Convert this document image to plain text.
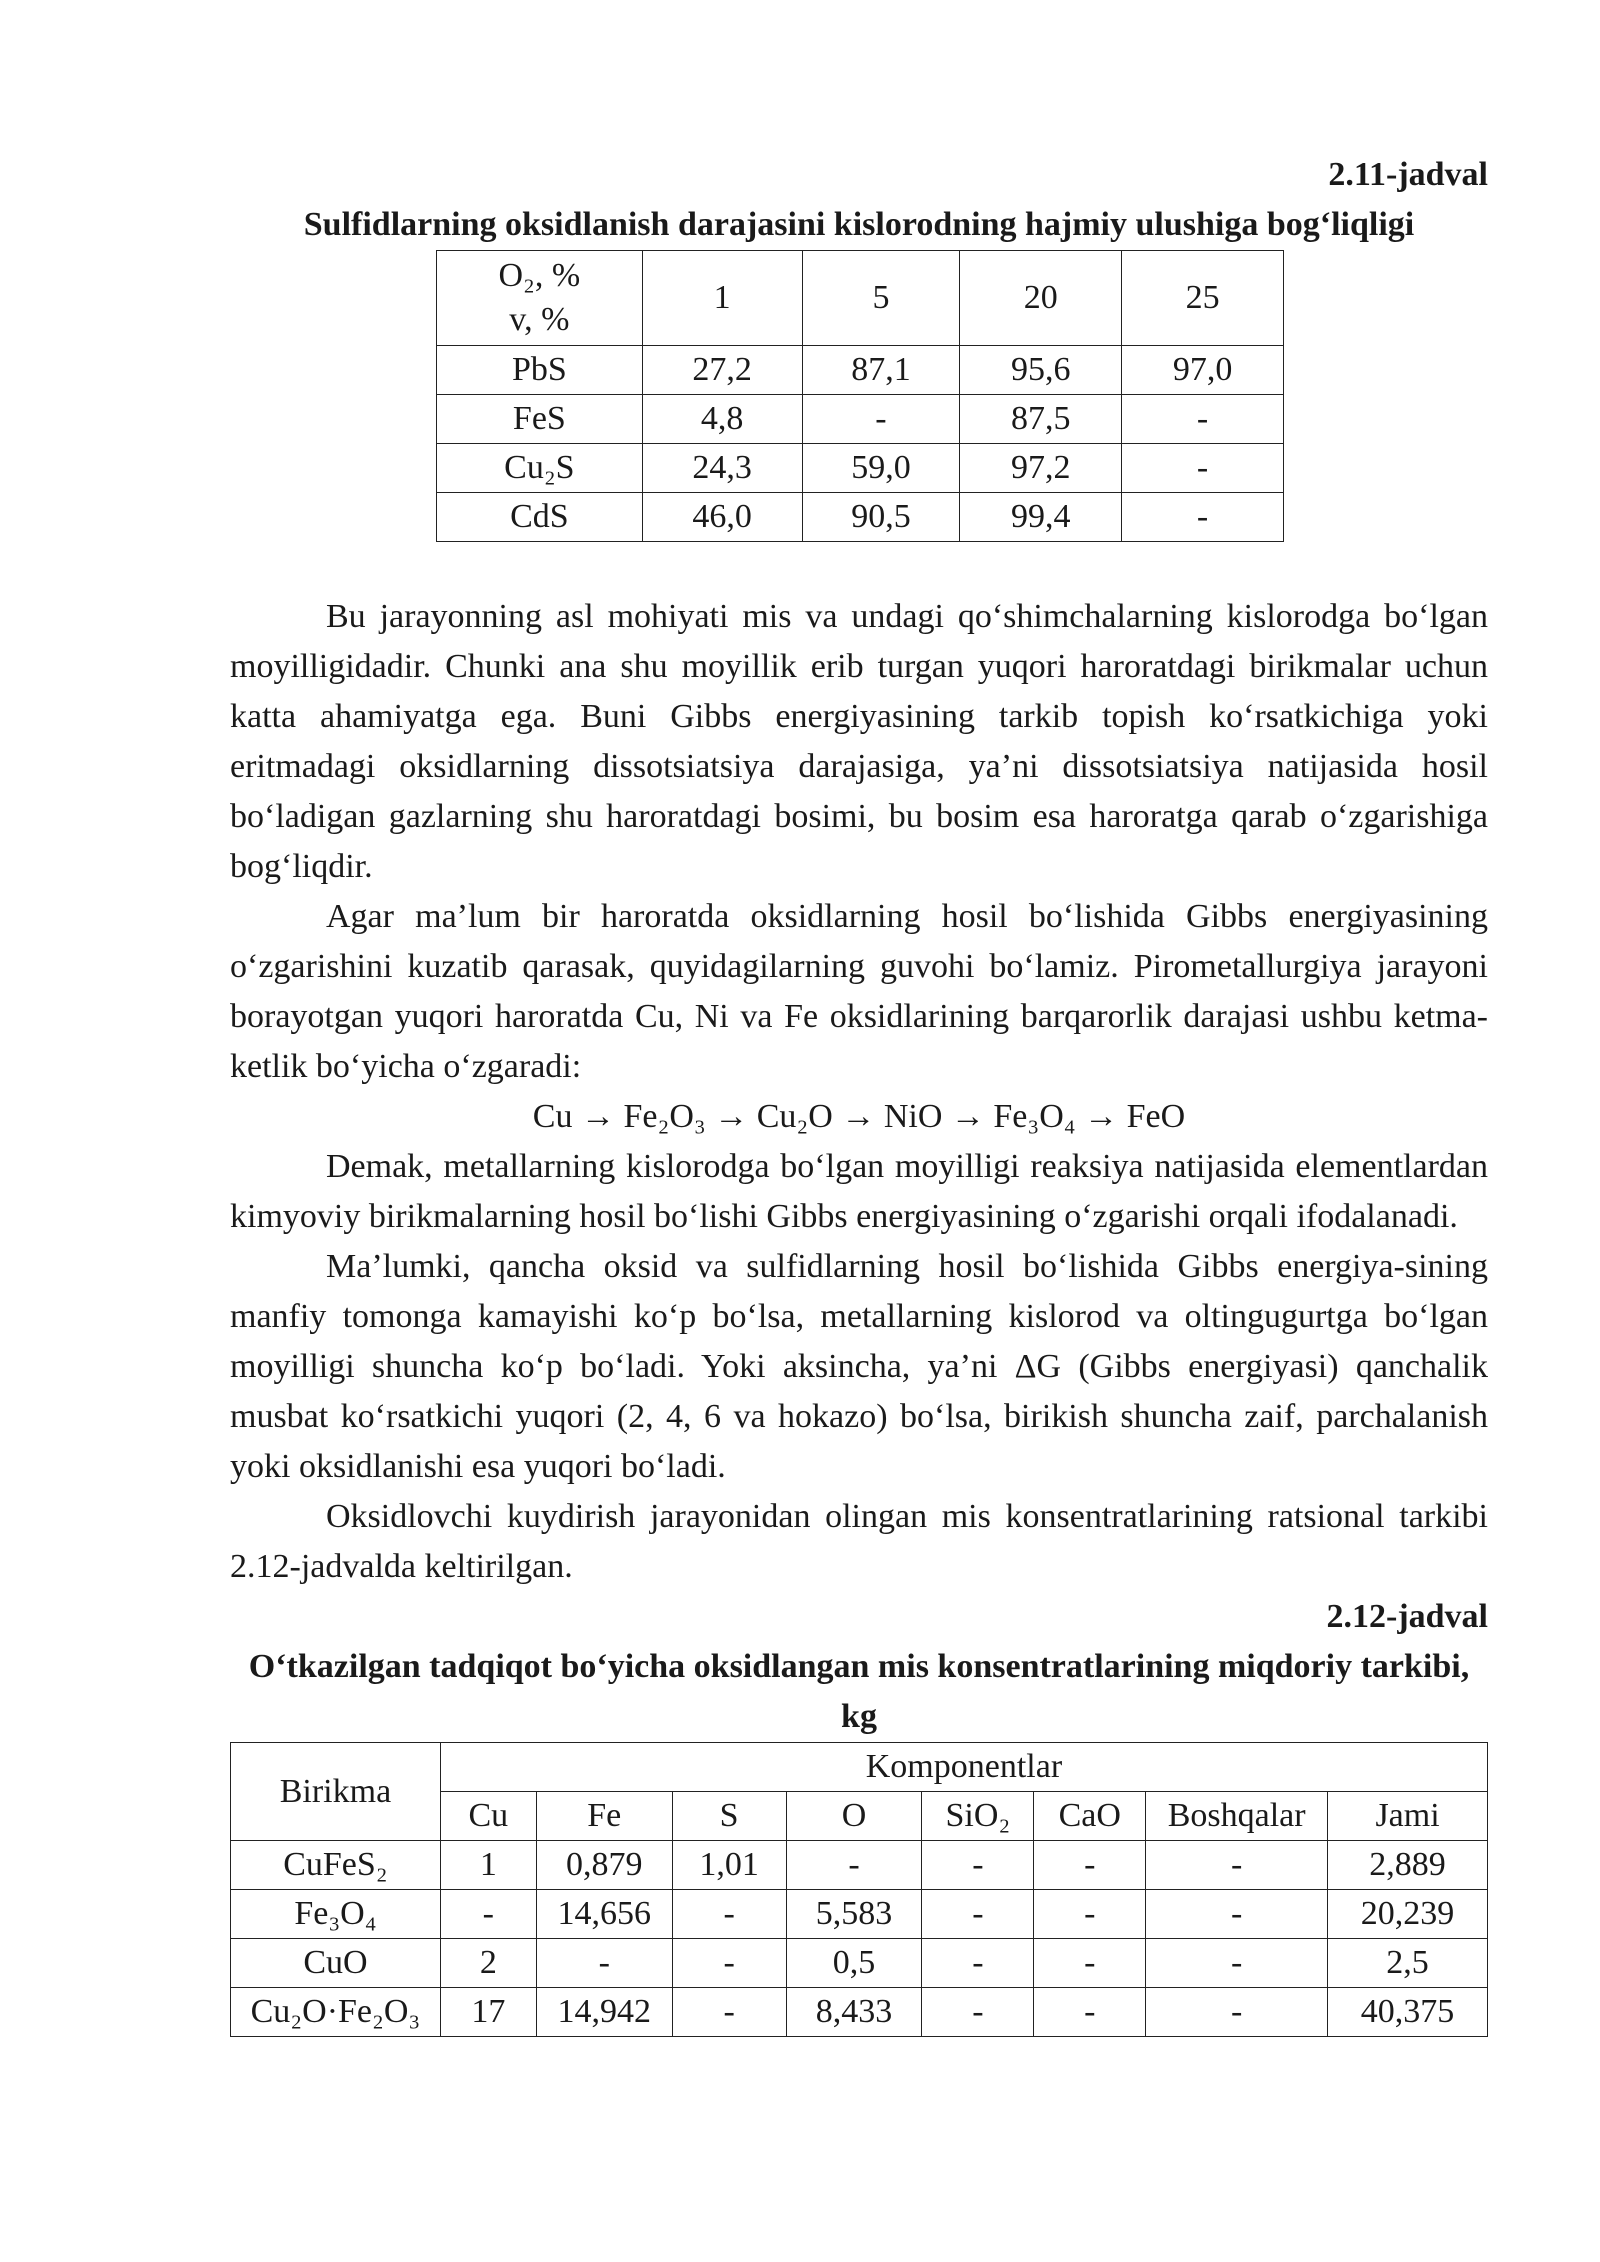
2.11-jadval
Sulfidlarning oksidlanish darajasini kislorodning hajmiy ulushiga bog‘liqligi
O₂, %
v, %	1	5	20	25
PbS	27,2	87,1	95,6	97,0
FeS	4,8	-	87,5	-
Cu₂S	24,3	59,0	97,2	-
CdS	46,0	90,5	99,4	-

Bu jarayonning asl mohiyati mis va undagi qo‘shimchalarning kislorodga bo‘lgan moyilligidadir. Chunki ana shu moyillik erib turgan yuqori haroratdagi birikmalar uchun katta ahamiyatga ega. Buni Gibbs energiyasining tarkib topish ko‘rsatkichiga yoki eritmadagi oksidlarning dissotsiatsiya darajasiga, ya’ni dissotsiatsiya natijasida hosil bo‘ladigan gazlarning shu haroratdagi bosimi, bu bosim esa haroratga qarab o‘zgarishiga bog‘liqdir.

Agar ma’lum bir haroratda oksidlarning hosil bo‘lishida Gibbs energiyasining o‘zgarishini kuzatib qarasak, quyidagilarning guvohi bo‘lamiz. Pirometallurgiya jarayoni borayotgan yuqori haroratda Cu, Ni va Fe oksidlarining barqarorlik darajasi ushbu ketma-ketlik bo‘yicha o‘zgaradi:

Cu → Fe₂O₃ → Cu₂O → NiO → Fe₃O₄ → FeO

Demak, metallarning kislorodga bo‘lgan moyilligi reaksiya natijasida elementlardan kimyoviy birikmalarning hosil bo‘lishi Gibbs energiyasining o‘zgarishi orqali ifodalanadi.

Ma’lumki, qancha oksid va sulfidlarning hosil bo‘lishida Gibbs energiya-sining manfiy tomonga kamayishi ko‘p bo‘lsa, metallarning kislorod va oltingugurtga bo‘lgan moyilligi shuncha ko‘p bo‘ladi. Yoki aksincha, ya’ni ΔG (Gibbs energiyasi) qanchalik musbat ko‘rsatkichi yuqori (2, 4, 6 va hokazo) bo‘lsa, birikish shuncha zaif, parchalanish yoki oksidlanishi esa yuqori bo‘ladi.

Oksidlovchi kuydirish jarayonidan olingan mis konsentratlarining ratsional tarkibi 2.12-jadvalda keltirilgan.

2.12-jadval
O‘tkazilgan tadqiqot bo‘yicha oksidlangan mis konsentratlarining miqdoriy tarkibi, kg
Birikma	Komponentlar							
	Cu	Fe	S	O	SiO₂	CaO	Boshqalar	Jami
CuFeS₂	1	0,879	1,01	-	-	-	-	2,889
Fe₃O₄	-	14,656	-	5,583	-	-	-	20,239
CuO	2	-	-	0,5	-	-	-	2,5
Cu₂O·Fe₂O₃	17	14,942	-	8,433	-	-	-	40,375
